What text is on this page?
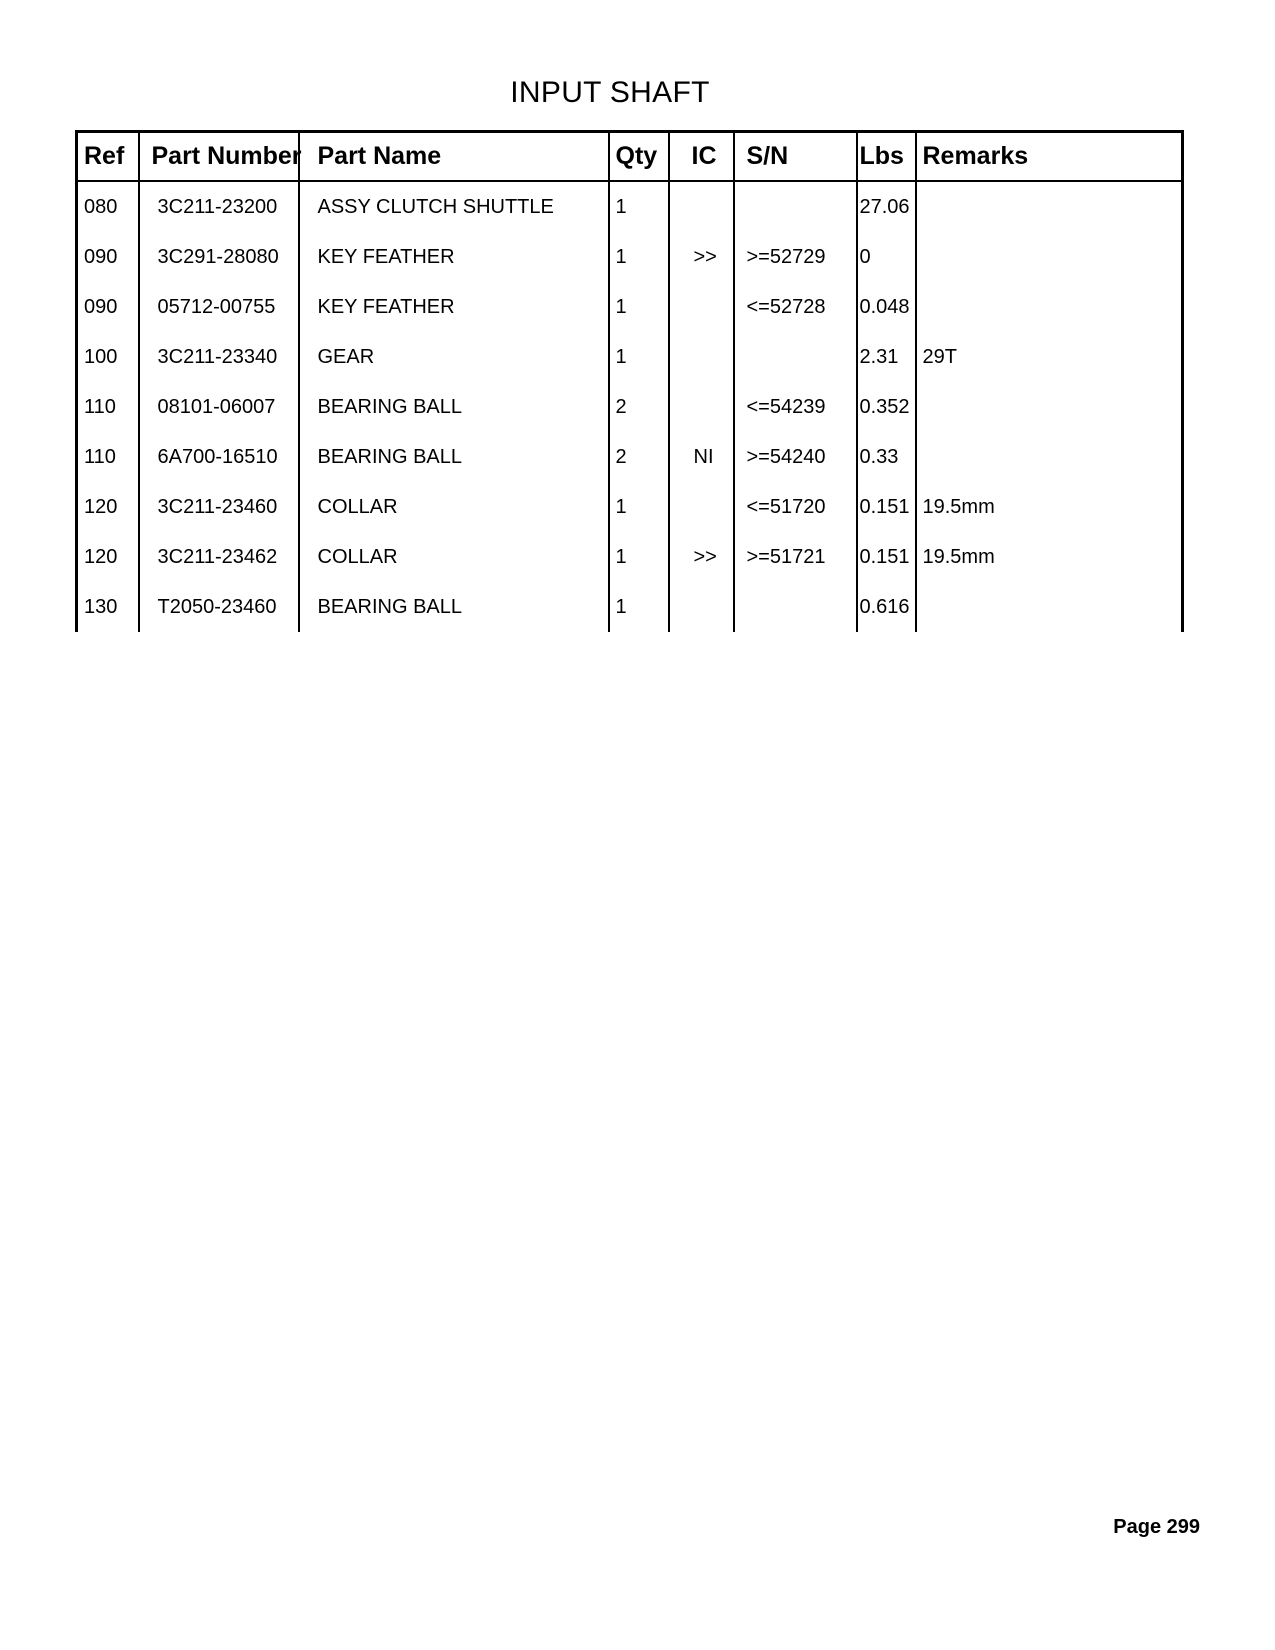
INPUT SHAFT
Ref	Part Number	Part Name	Qty	IC	S/N	Lbs	Remarks
080	3C211-23200	ASSY CLUTCH SHUTTLE	1			27.06	
090	3C291-28080	KEY FEATHER	1	>>	>=52729	0	
090	05712-00755	KEY FEATHER	1		<=52728	0.048	
100	3C211-23340	GEAR	1			2.31	29T
110	08101-06007	BEARING BALL	2		<=54239	0.352	
110	6A700-16510	BEARING BALL	2	NI	>=54240	0.33	
120	3C211-23460	COLLAR	1		<=51720	0.151	19.5mm
120	3C211-23462	COLLAR	1	>>	>=51721	0.151	19.5mm
130	T2050-23460	BEARING BALL	1			0.616	
Page 299
